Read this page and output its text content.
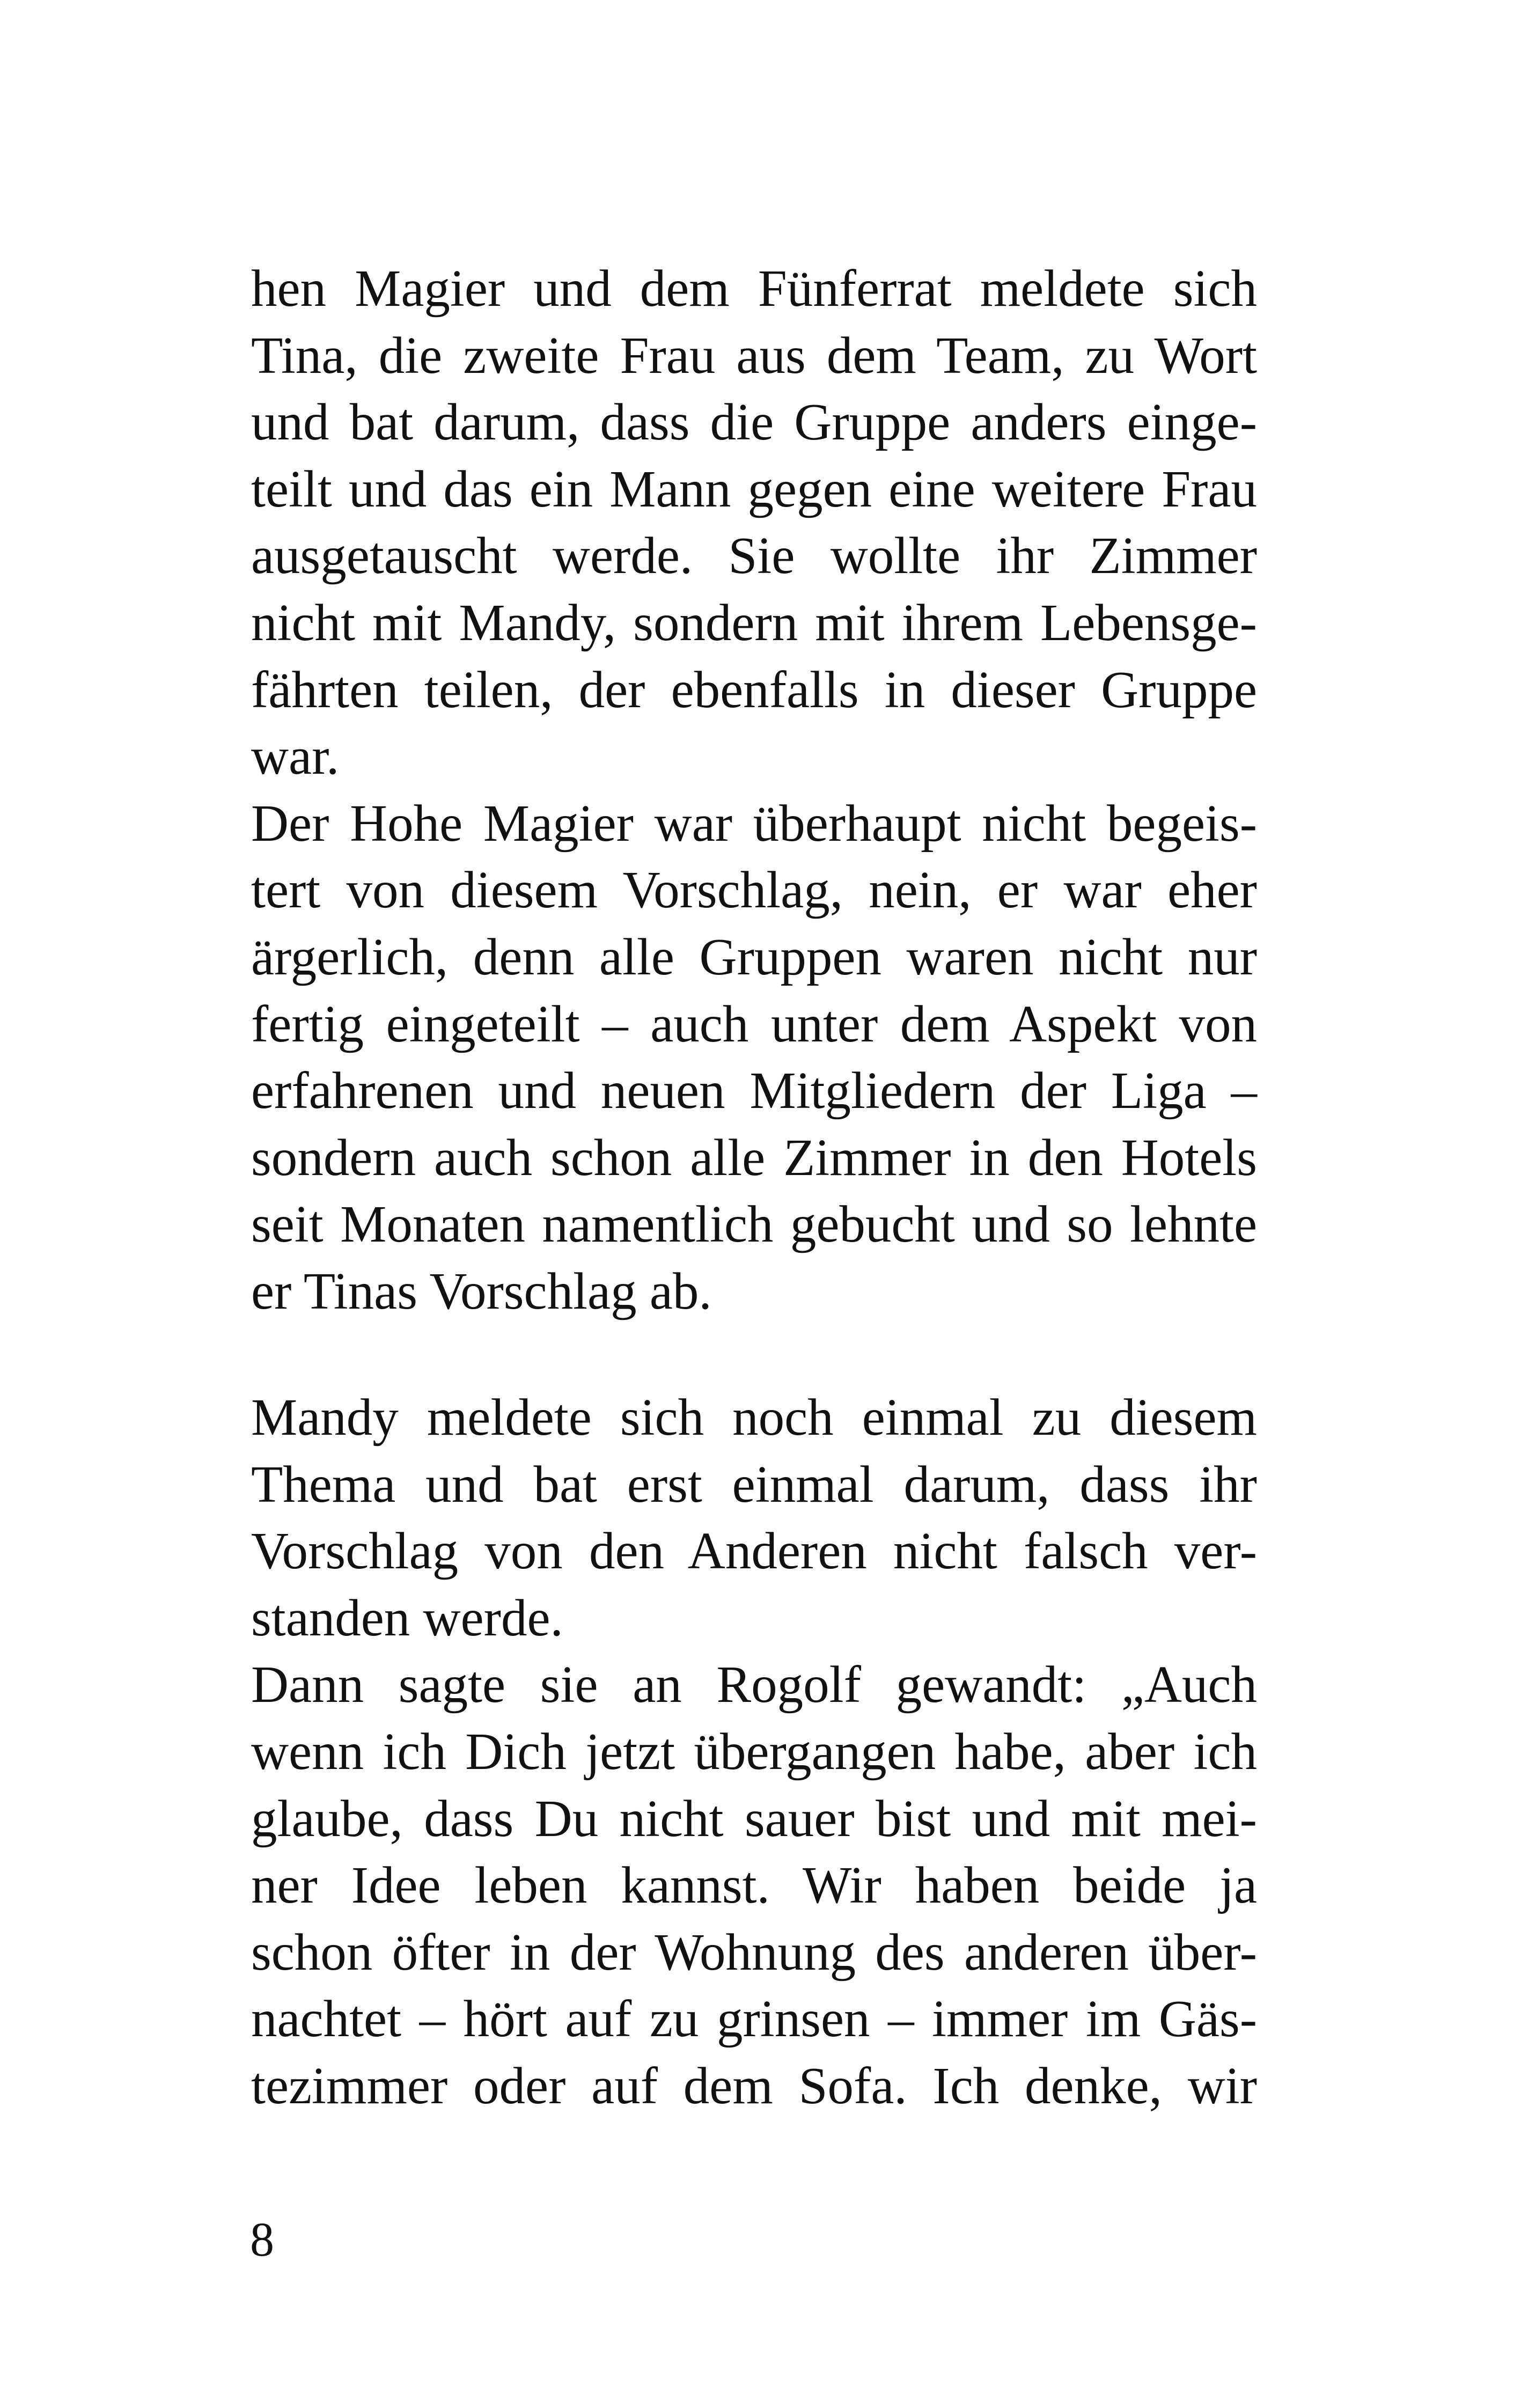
hen Magier und dem Fünferrat meldete sich
Tina, die zweite Frau aus dem Team, zu Wort
und bat darum, dass die Gruppe anders einge-
teilt und das ein Mann gegen eine weitere Frau
ausgetauscht werde. Sie wollte ihr Zimmer
nicht mit Mandy, sondern mit ihrem Lebensge-
fährten teilen, der ebenfalls in dieser Gruppe
war.
Der Hohe Magier war überhaupt nicht begeis-
tert von diesem Vorschlag, nein, er war eher
ärgerlich, denn alle Gruppen waren nicht nur
fertig eingeteilt – auch unter dem Aspekt von
erfahrenen und neuen Mitgliedern der Liga –
sondern auch schon alle Zimmer in den Hotels
seit Monaten namentlich gebucht und so lehnte
er Tinas Vorschlag ab.
Mandy meldete sich noch einmal zu diesem
Thema und bat erst einmal darum, dass ihr
Vorschlag von den Anderen nicht falsch ver-
standen werde.
Dann sagte sie an Rogolf gewandt: „Auch
wenn ich Dich jetzt übergangen habe, aber ich
glaube, dass Du nicht sauer bist und mit mei-
ner Idee leben kannst. Wir haben beide ja
schon öfter in der Wohnung des anderen über-
nachtet – hört auf zu grinsen – immer im Gäs-
tezimmer oder auf dem Sofa. Ich denke, wir
8
